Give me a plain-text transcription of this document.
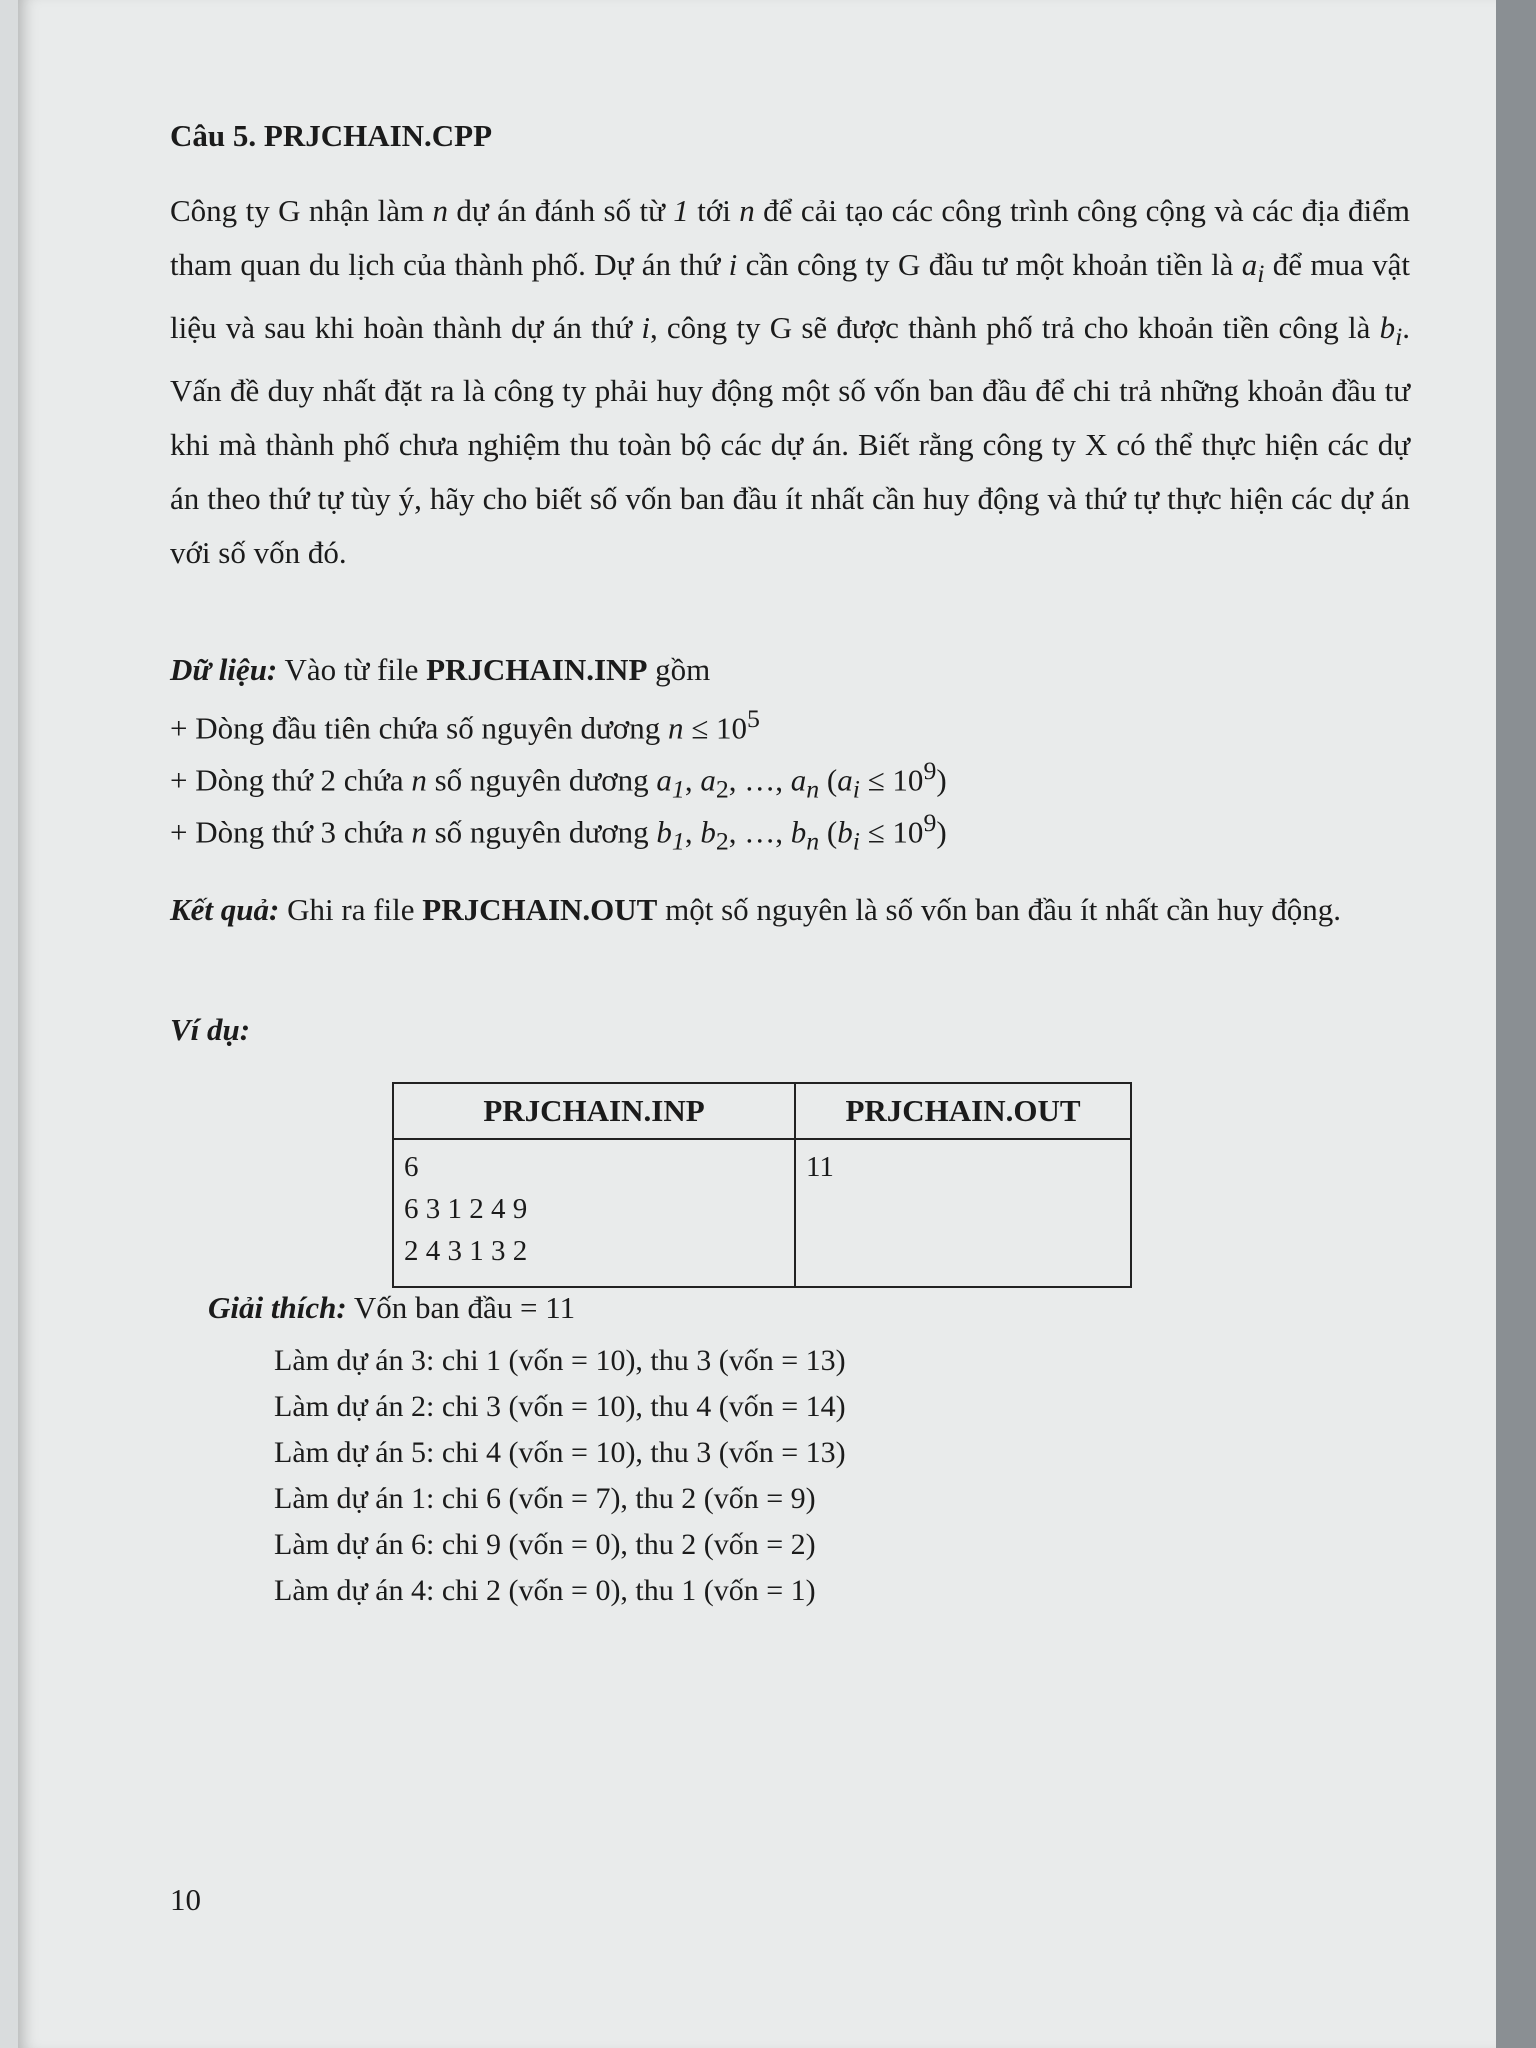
Câu 5. PRJCHAIN.CPP

Công ty G nhận làm n dự án đánh số từ 1 tới n để cải tạo các công trình công cộng và các địa điểm tham quan du lịch của thành phố. Dự án thứ i cần công ty G đầu tư một khoản tiền là $a_i$ để mua vật liệu và sau khi hoàn thành dự án thứ i, công ty G sẽ được thành phố trả cho khoản tiền công là $b_i$. Vấn đề duy nhất đặt ra là công ty phải huy động một số vốn ban đầu để chi trả những khoản đầu tư khi mà thành phố chưa nghiệm thu toàn bộ các dự án. Biết rằng công ty X có thể thực hiện các dự án theo thứ tự tùy ý, hãy cho biết số vốn ban đầu ít nhất cần huy động và thứ tự thực hiện các dự án với số vốn đó.

Dữ liệu: Vào từ file PRJCHAIN.INP gồm
+ Dòng đầu tiên chứa số nguyên dương $n \le 10^5$
+ Dòng thứ 2 chứa n số nguyên dương $a_1$, $a_2$, …, $a_n$ $(a_i \le 10^9)$
+ Dòng thứ 3 chứa n số nguyên dương $b_1$, $b_2$, …, $b_n$ $(b_i \le 10^9)$
Kết quả: Ghi ra file PRJCHAIN.OUT một số nguyên là số vốn ban đầu ít nhất cần huy động.
Ví dụ:
PRJCHAIN.INP	PRJCHAIN.OUT

6
6 3 1 2 4 9
2 4 3 1 3 2	11
Giải thích: Vốn ban đầu = 11
Làm dự án 3: chi 1 (vốn = 10), thu 3 (vốn = 13)
Làm dự án 2: chi 3 (vốn = 10), thu 4 (vốn = 14)
Làm dự án 5: chi 4 (vốn = 10), thu 3 (vốn = 13)
Làm dự án 1: chi 6 (vốn = 7), thu 2 (vốn = 9)
Làm dự án 6: chi 9 (vốn = 0), thu 2 (vốn = 2)
Làm dự án 4: chi 2 (vốn = 0), thu 1 (vốn = 1)
10
